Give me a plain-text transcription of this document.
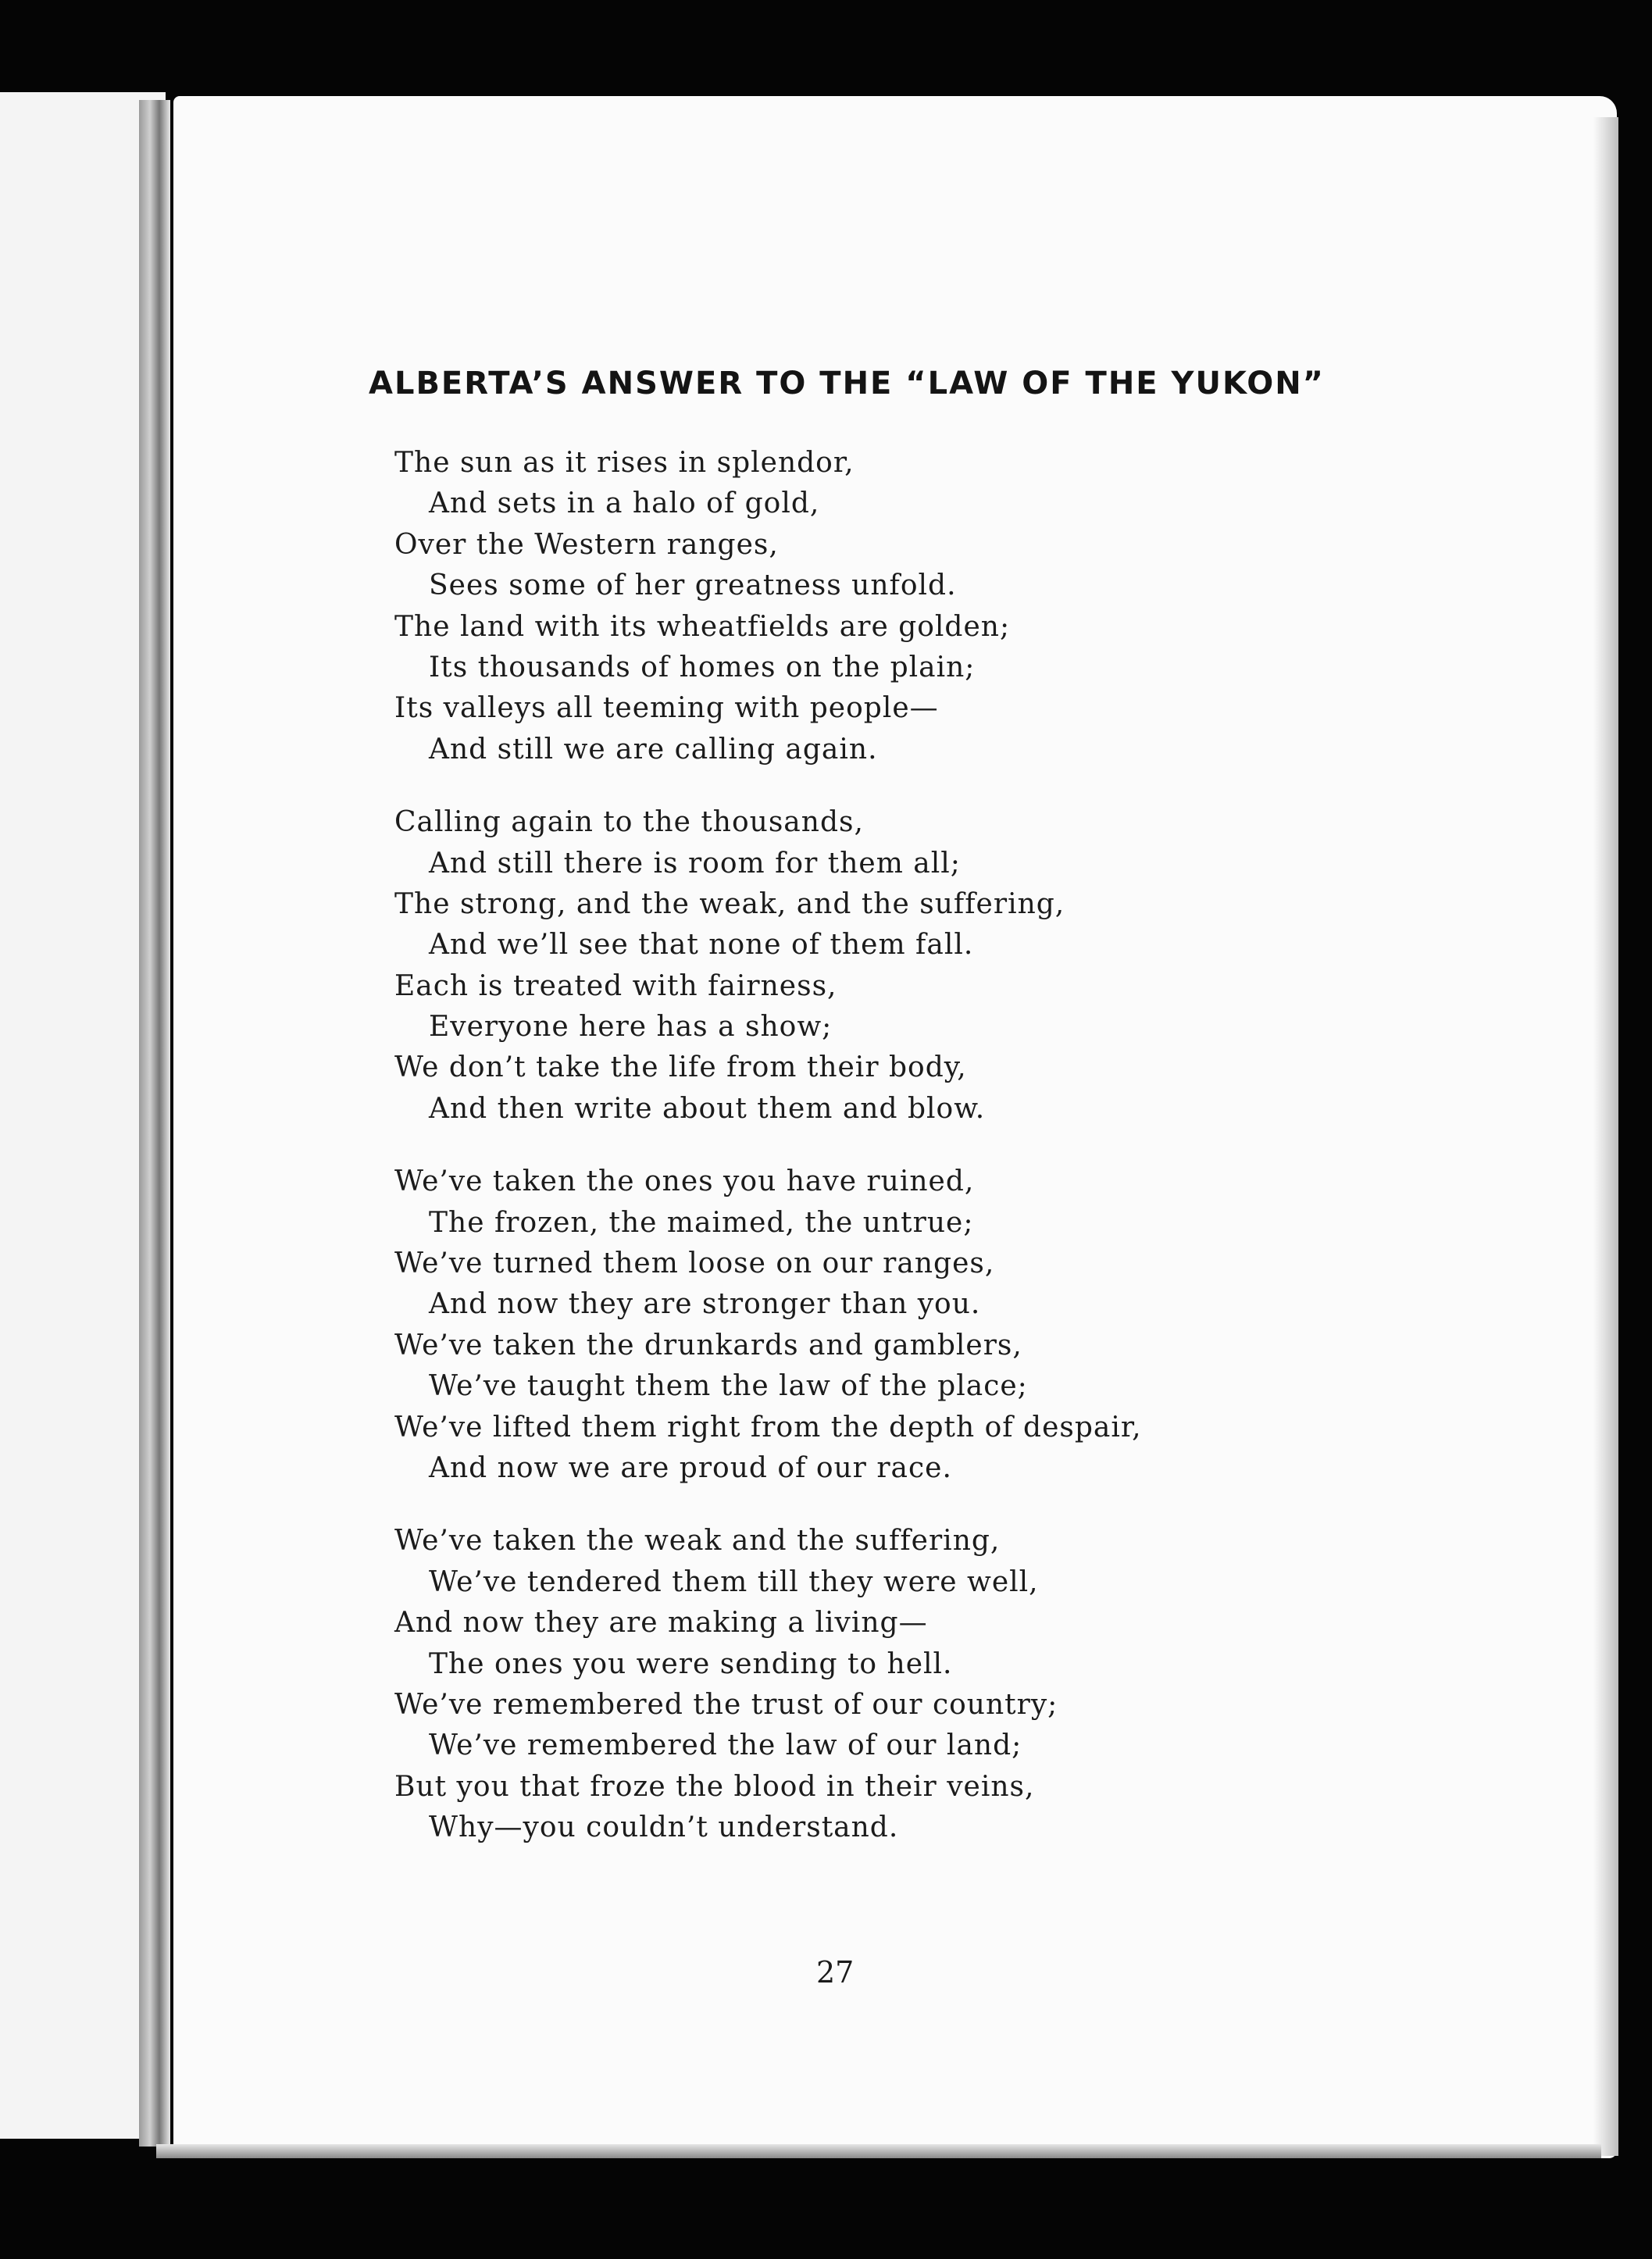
ALBERTA’S ANSWER TO THE “LAW OF THE YUKON”
The sun as it rises in splendor,
And sets in a halo of gold,
Over the Western ranges,
Sees some of her greatness unfold.
The land with its wheatfields are golden;
Its thousands of homes on the plain;
Its valleys all teeming with people—
And still we are calling again.
Calling again to the thousands,
And still there is room for them all;
The strong, and the weak, and the suffering,
And we’ll see that none of them fall.
Each is treated with fairness,
Everyone here has a show;
We don’t take the life from their body,
And then write about them and blow.
We’ve taken the ones you have ruined,
The frozen, the maimed, the untrue;
We’ve turned them loose on our ranges,
And now they are stronger than you.
We’ve taken the drunkards and gamblers,
We’ve taught them the law of the place;
We’ve lifted them right from the depth of despair,
And now we are proud of our race.
We’ve taken the weak and the suffering,
We’ve tendered them till they were well,
And now they are making a living—
The ones you were sending to hell.
We’ve remembered the trust of our country;
We’ve remembered the law of our land;
But you that froze the blood in their veins,
Why—you couldn’t understand.
27
